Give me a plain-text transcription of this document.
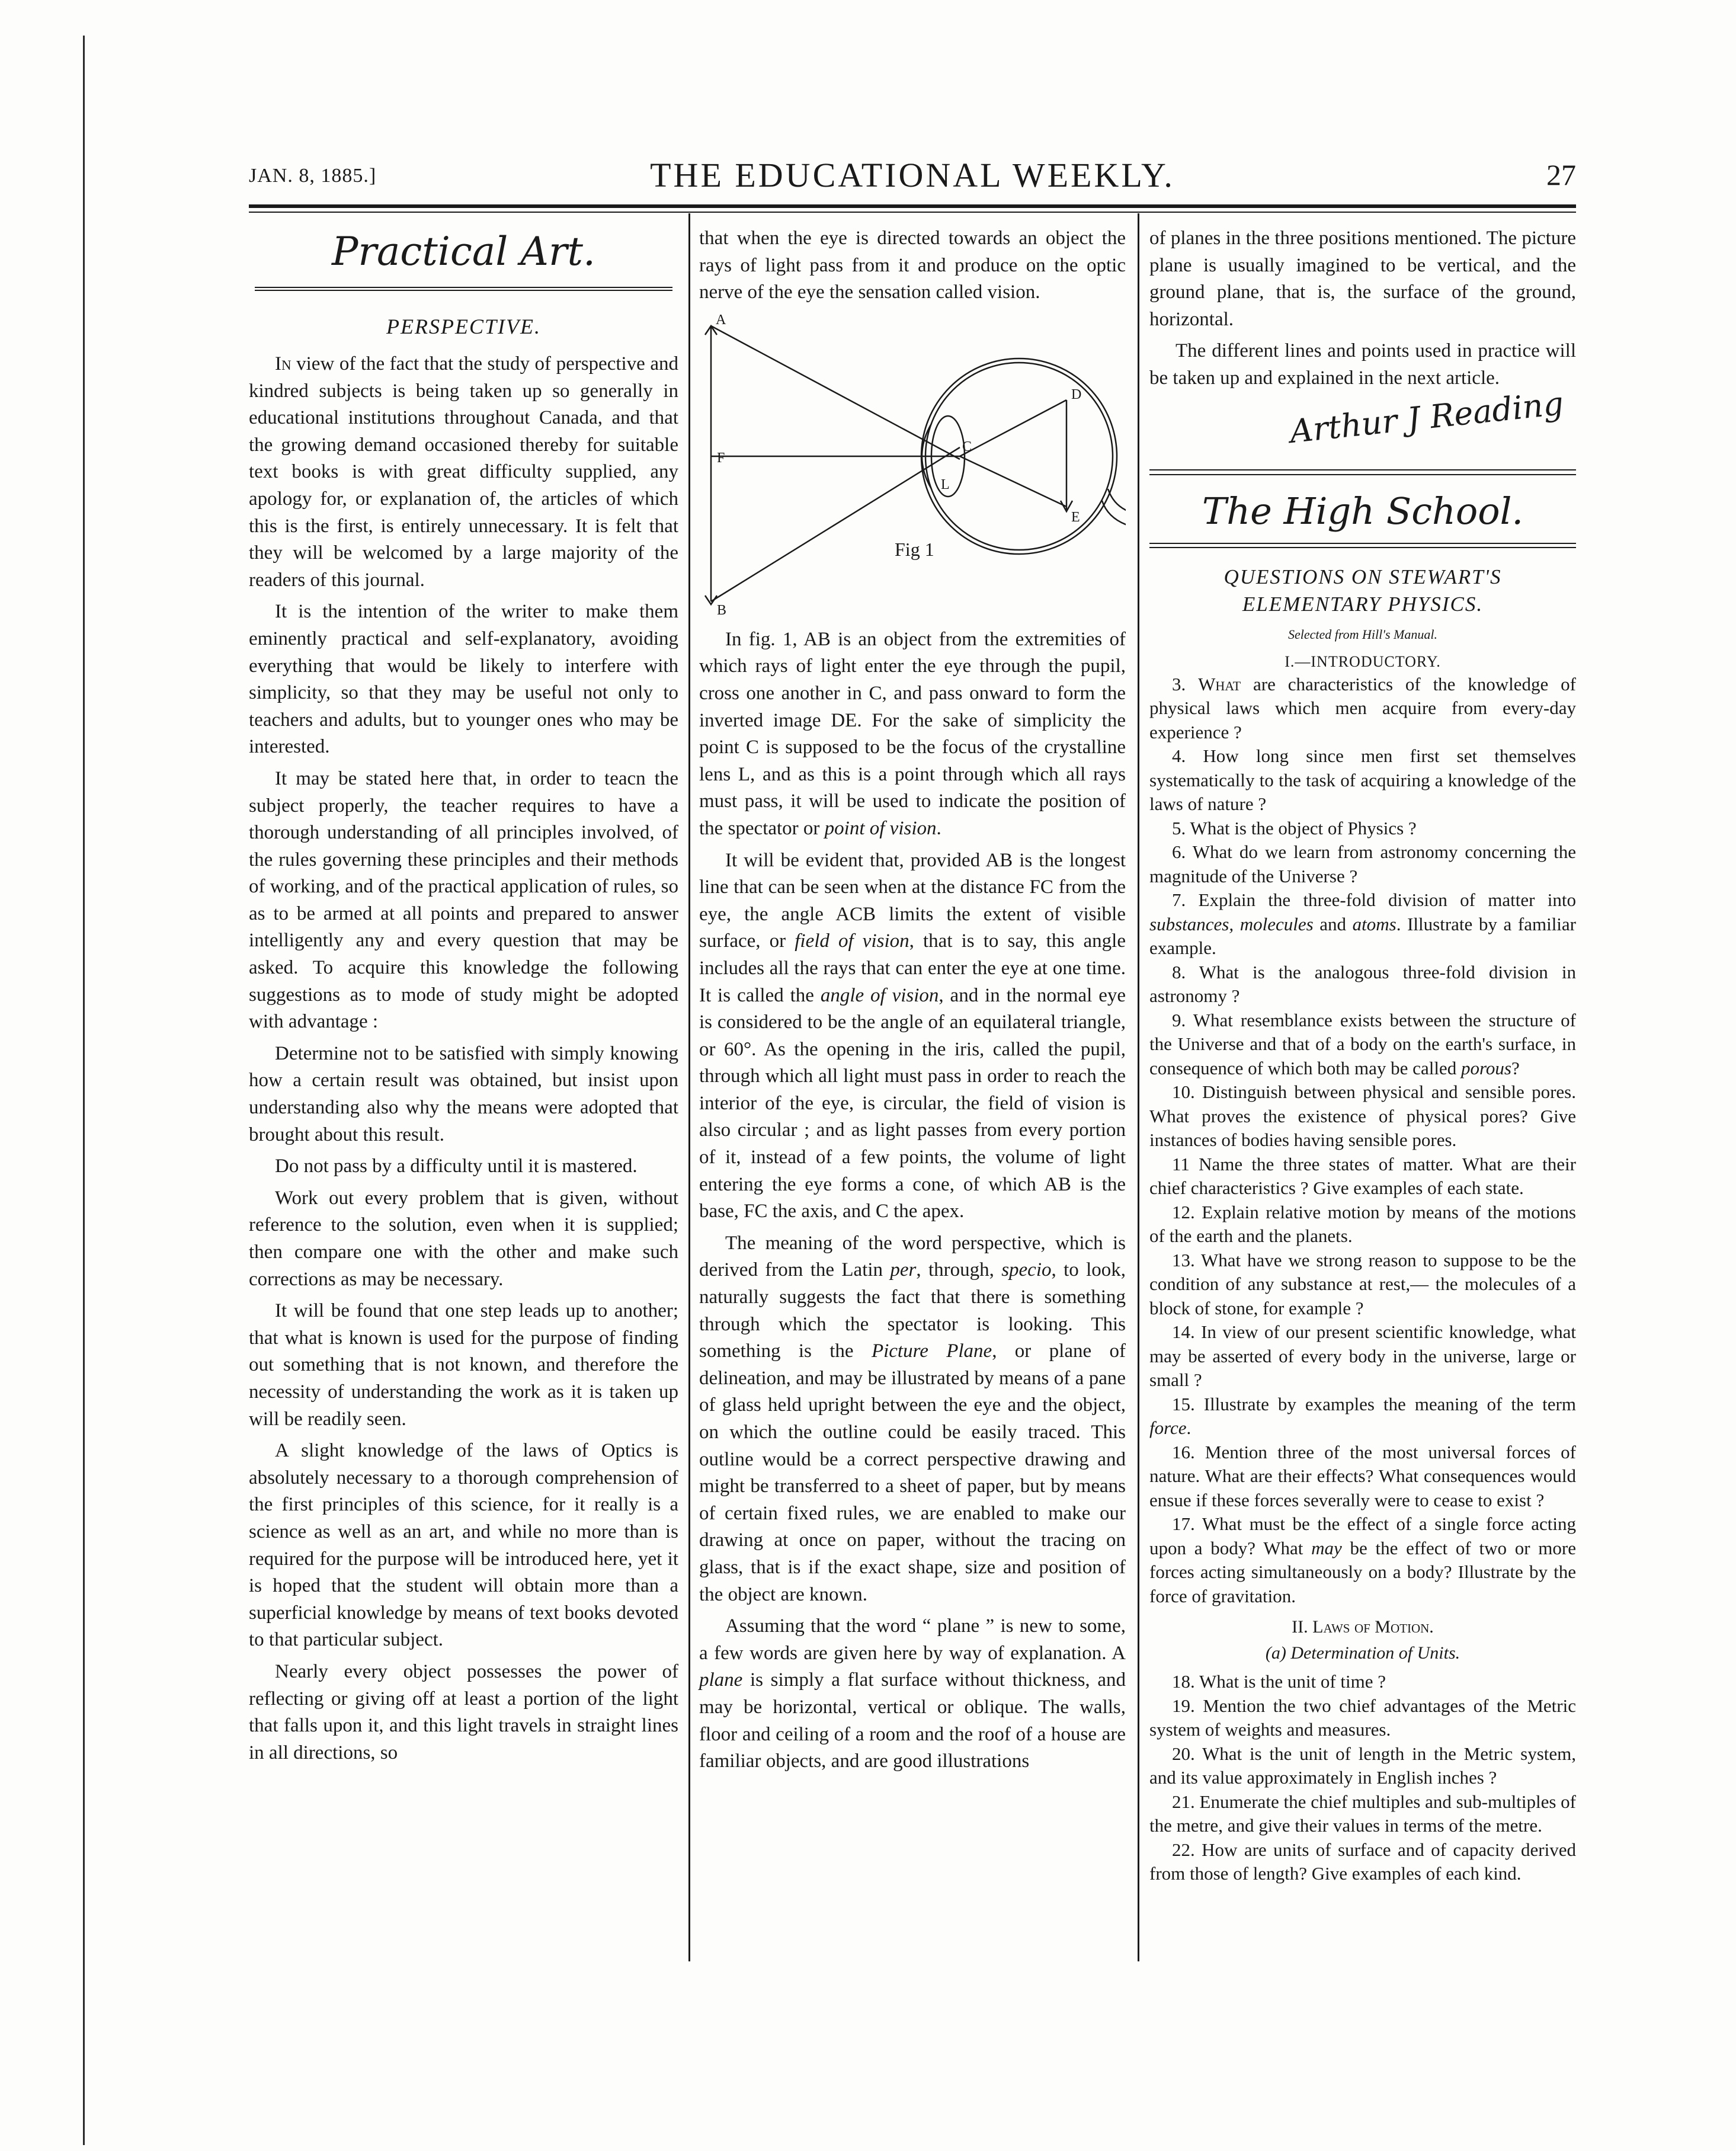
JAN. 8, 1885.]	THE EDUCATIONAL WEEKLY.	27
Practical Art.
PERSPECTIVE.

In view of the fact that the study of perspective and kindred subjects is being taken up so generally in educational institutions throughout Canada, and that the growing demand occasioned thereby for suitable text books is with great difficulty supplied, any apology for, or explanation of, the articles of which this is the first, is entirely unnecessary. It is felt that they will be welcomed by a large majority of the readers of this journal.

It is the intention of the writer to make them eminently practical and self-explanatory, avoiding everything that would be likely to interfere with simplicity, so that they may be useful not only to teachers and adults, but to younger ones who may be interested.

It may be stated here that, in order to teacn the subject properly, the teacher requires to have a thorough understanding of all principles involved, of the rules governing these principles and their methods of working, and of the practical application of rules, so as to be armed at all points and prepared to answer intelligently any and every question that may be asked. To acquire this knowledge the following suggestions as to mode of study might be adopted with advantage :

Determine not to be satisfied with simply knowing how a certain result was obtained, but insist upon understanding also why the means were adopted that brought about this result.

Do not pass by a difficulty until it is mastered.

Work out every problem that is given, without reference to the solution, even when it is supplied; then compare one with the other and make such corrections as may be necessary.

It will be found that one step leads up to another; that what is known is used for the purpose of finding out something that is not known, and therefore the necessity of understanding the work as it is taken up will be readily seen.

A slight knowledge of the laws of Optics is absolutely necessary to a thorough comprehension of the first principles of this science, for it really is a science as well as an art, and while no more than is required for the purpose will be introduced here, yet it is hoped that the student will obtain more than a superficial knowledge by means of text books devoted to that particular subject.

Nearly every object possesses the power of reflecting or giving off at least a portion of the light that falls upon it, and this light travels in straight lines in all directions, so

that when the eye is directed towards an object the rays of light pass from it and produce on the optic nerve of the eye the sensation called vision.

A
F
B
C
L
D
E
Fig 1

In fig. 1, AB is an object from the extremities of which rays of light enter the eye through the pupil, cross one another in C, and pass onward to form the inverted image DE. For the sake of simplicity the point C is supposed to be the focus of the crystalline lens L, and as this is a point through which all rays must pass, it will be used to indicate the position of the spectator or point of vision.

It will be evident that, provided AB is the longest line that can be seen when at the distance FC from the eye, the angle ACB limits the extent of visible surface, or field of vision, that is to say, this angle includes all the rays that can enter the eye at one time. It is called the angle of vision, and in the normal eye is considered to be the angle of an equilateral triangle, or 60°. As the opening in the iris, called the pupil, through which all light must pass in order to reach the interior of the eye, is circular, the field of vision is also circular ; and as light passes from every portion of it, instead of a few points, the volume of light entering the eye forms a cone, of which AB is the base, FC the axis, and C the apex.

The meaning of the word perspective, which is derived from the Latin per, through, specio, to look, naturally suggests the fact that there is something through which the spectator is looking. This something is the Picture Plane, or plane of delineation, and may be illustrated by means of a pane of glass held upright between the eye and the object, on which the outline could be easily traced. This outline would be a correct perspective drawing and might be transferred to a sheet of paper, but by means of certain fixed rules, we are enabled to make our drawing at once on paper, without the tracing on glass, that is if the exact shape, size and position of the object are known.

Assuming that the word “ plane ” is new to some, a few words are given here by way of explanation. A plane is simply a flat surface without thickness, and may be horizontal, vertical or oblique. The walls, floor and ceiling of a room and the roof of a house are familiar objects, and are good illustrations

of planes in the three positions mentioned. The picture plane is usually imagined to be vertical, and the ground plane, that is, the surface of the ground, horizontal.

The different lines and points used in practice will be taken up and explained in the next article.

Arthur J Reading
The High School.
QUESTIONS ON STEWART'S
ELEMENTARY PHYSICS.
Selected from Hill's Manual.
I.—INTRODUCTORY.

3. What are characteristics of the knowledge of physical laws which men acquire from every-day experience ?

4. How long since men first set themselves systematically to the task of acquiring a knowledge of the laws of nature ?

5. What is the object of Physics ?

6. What do we learn from astronomy concerning the magnitude of the Universe ?

7. Explain the three-fold division of matter into substances, molecules and atoms. Illustrate by a familiar example.

8. What is the analogous three-fold division in astronomy ?

9. What resemblance exists between the structure of the Universe and that of a body on the earth's surface, in consequence of which both may be called porous?

10. Distinguish between physical and sensible pores. What proves the existence of physical pores? Give instances of bodies having sensible pores.

11 Name the three states of matter. What are their chief characteristics ? Give examples of each state.

12. Explain relative motion by means of the motions of the earth and the planets.

13. What have we strong reason to suppose to be the condition of any substance at rest,— the molecules of a block of stone, for example ?

14. In view of our present scientific knowledge, what may be asserted of every body in the universe, large or small ?

15. Illustrate by examples the meaning of the term force.

16. Mention three of the most universal forces of nature. What are their effects? What consequences would ensue if these forces severally were to cease to exist ?

17. What must be the effect of a single force acting upon a body? What may be the effect of two or more forces acting simultaneously on a body? Illustrate by the force of gravitation.

II. Laws of Motion.
(a) Determination of Units.

18. What is the unit of time ?

19. Mention the two chief advantages of the Metric system of weights and measures.

20. What is the unit of length in the Metric system, and its value approximately in English inches ?

21. Enumerate the chief multiples and sub-multiples of the metre, and give their values in terms of the metre.

22. How are units of surface and of capacity derived from those of length? Give examples of each kind.
